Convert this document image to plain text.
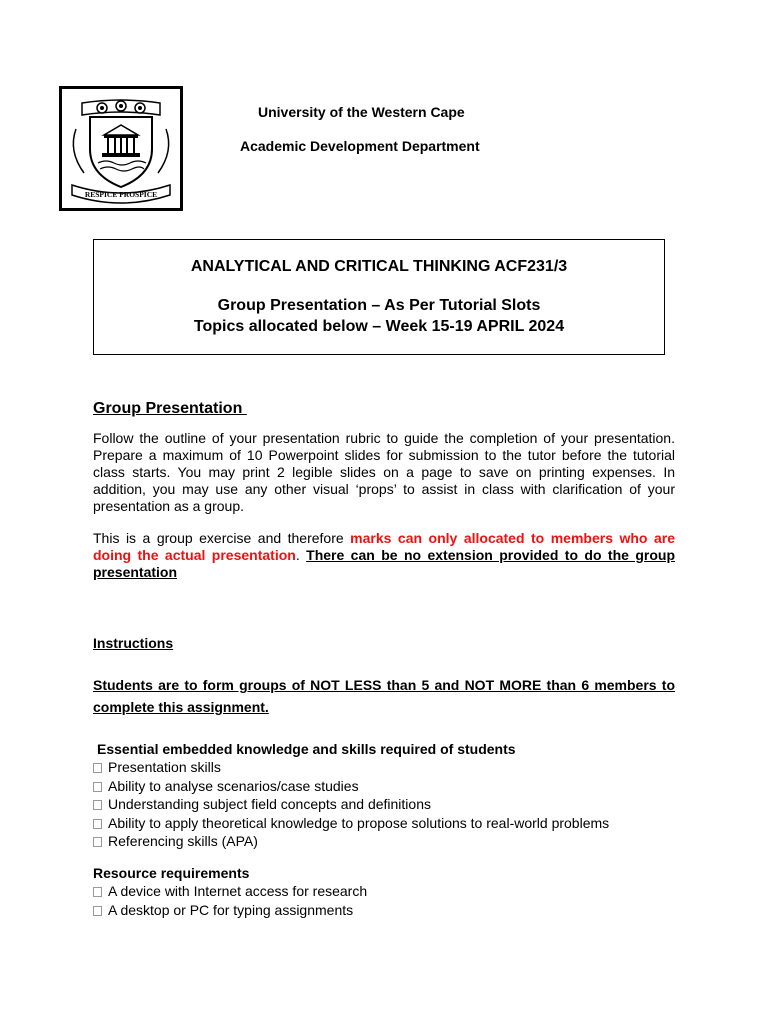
RESPICE PROSPICE
University of the Western Cape
Academic Development Department
ANALYTICAL AND CRITICAL THINKING ACF231/3
Group Presentation – As Per Tutorial Slots
Topics allocated below – Week 15-19 APRIL 2024
Group Presentation
Follow the outline of your presentation rubric to guide the completion of your presentation. Prepare a maximum of 10 Powerpoint slides for submission to the tutor before the tutorial class starts. You may print 2 legible slides on a page to save on printing expenses. In addition, you may use any other visual ‘props’ to assist in class with clarification of your presentation as a group.
This is a group exercise and therefore marks can only allocated to members who are doing the actual presentation. There can be no extension provided to do the group presentation
Instructions
Students are to form groups of NOT LESS than 5 and NOT MORE than 6 members to complete this assignment.
Essential embedded knowledge and skills required of students
Presentation skills
Ability to analyse scenarios/case studies
Understanding subject field concepts and definitions
Ability to apply theoretical knowledge to propose solutions to real-world problems
Referencing skills (APA)
Resource requirements
A device with Internet access for research
A desktop or PC for typing assignments
